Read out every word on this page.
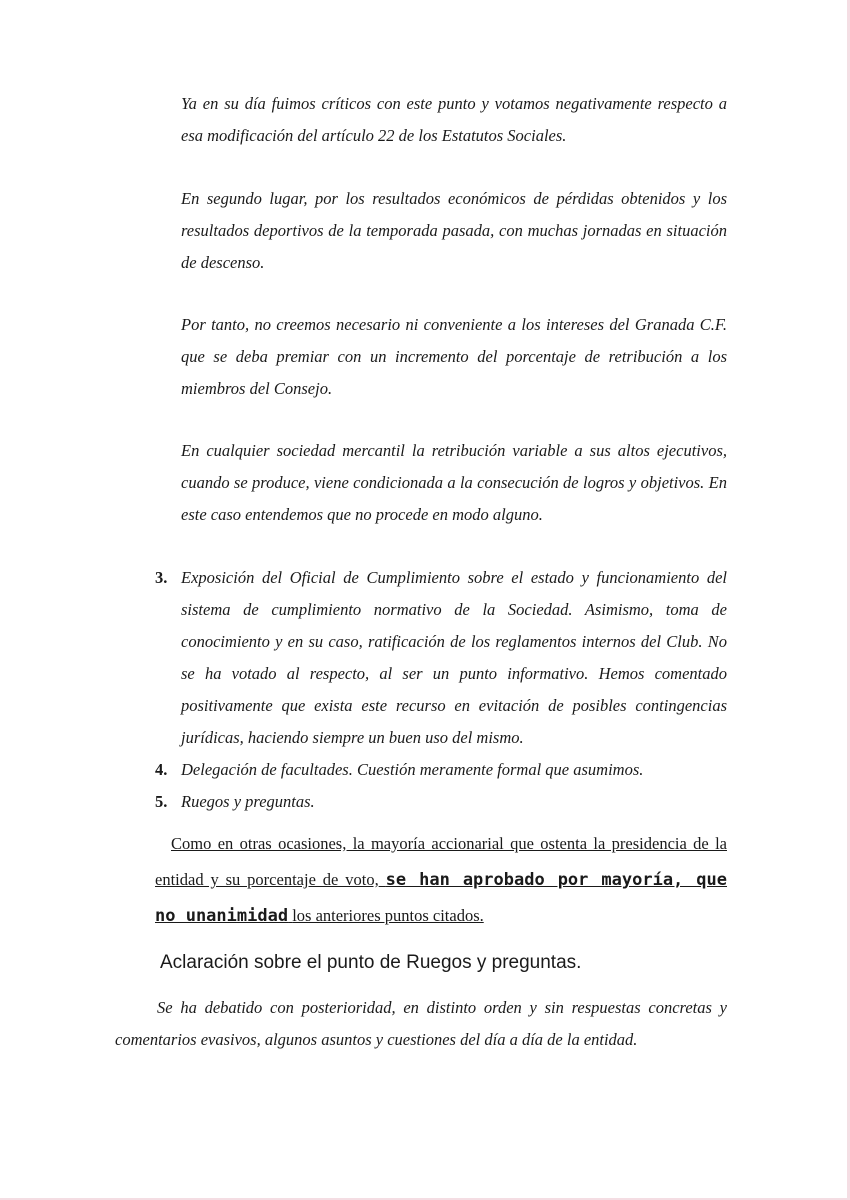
Ya en su día fuimos críticos con este punto y votamos negativamente respecto a esa modificación del artículo 22 de los Estatutos Sociales.
En segundo lugar, por los resultados económicos de pérdidas obtenidos y los resultados deportivos de la temporada pasada, con muchas jornadas en situación de descenso.
Por tanto, no creemos necesario ni conveniente a los intereses del Granada C.F. que se deba premiar con un incremento del porcentaje de retribución a los miembros del Consejo.
En cualquier sociedad mercantil la retribución variable a sus altos ejecutivos, cuando se produce, viene condicionada a la consecución de logros y objetivos. En este caso entendemos que no procede en modo alguno.
3. Exposición del Oficial de Cumplimiento sobre el estado y funcionamiento del sistema de cumplimiento normativo de la Sociedad. Asimismo, toma de conocimiento y en su caso, ratificación de los reglamentos internos del Club. No se ha votado al respecto, al ser un punto informativo. Hemos comentado positivamente que exista este recurso en evitación de posibles contingencias jurídicas, haciendo siempre un buen uso del mismo.
4. Delegación de facultades. Cuestión meramente formal que asumimos.
5. Ruegos y preguntas.
Como en otras ocasiones, la mayoría accionarial que ostenta la presidencia de la entidad y su porcentaje de voto, se han aprobado por mayoría, que no unanimidad los anteriores puntos citados.
Aclaración sobre el punto de Ruegos y preguntas.
Se ha debatido con posterioridad, en distinto orden y sin respuestas concretas y comentarios evasivos, algunos asuntos y cuestiones del día a día de la entidad.
